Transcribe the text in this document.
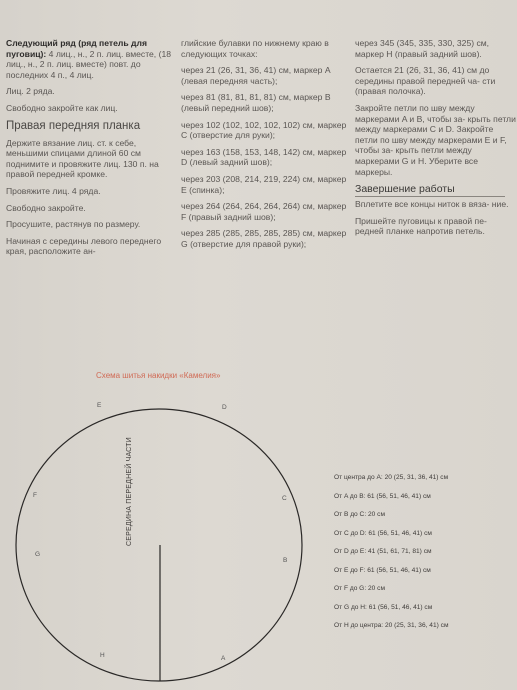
Следующий ряд (ряд петель для пуговиц): 4 лиц., н., 2 п. лиц. вместе, (18 лиц., н., 2 п. лиц. вместе) повт. до последних 4 п., 4 лиц.

Лиц. 2 ряда.

Свободно закройте как лиц.

Правая передняя планка

Держите вязание лиц. ст. к себе, меньшими спицами длиной 60 см поднимите и провяжите лиц. 130 п. на правой передней кромке.

Провяжите лиц. 4 ряда.

Свободно закройте.

Просушите, растянув по размеру.

Начиная с середины левого переднего края, расположите ан-

глийские булавки по нижнему краю в следующих точках:

через 21 (26, 31, 36, 41) см, маркер A (левая передняя часть);

через 81 (81, 81, 81, 81) см, маркер B (левый передний шов);

через 102 (102, 102, 102, 102) см, маркер C (отверстие для руки);

через 163 (158, 153, 148, 142) см, маркер D (левый задний шов);

через 203 (208, 214, 219, 224) см, маркер E (спинка);

через 264 (264, 264, 264, 264) см, маркер F (правый задний шов);

через 285 (285, 285, 285, 285) см, маркер G (отверстие для правой руки);

через 345 (345, 335, 330, 325) см, маркер H (правый задний шов).

Остается 21 (26, 31, 36, 41) см до середины правой передней ча- сти (правая полочка).

Закройте петли по шву между маркерами A и B, чтобы за- крыть петли между маркерами C и D. Закройте петли по шву между маркерами E и F, чтобы за- крыть петли между маркерами G и H. Уберите все маркеры.

Завершение работы

Вплетите все концы ниток в вяза- ние.

Пришейте пуговицы к правой пе- редней планке напротив петель.

Схема шитья накидки «Камелия»
D
E
F	C
G
B
H	A
СЕРЕДИНА ПЕРЕДНЕЙ ЧАСТИ	От центра до A: 20 (25, 31, 36, 41) см
От A до B: 61 (56, 51, 46, 41) см
От B до C: 20 см
От C до D: 61 (56, 51, 46, 41) см
От D до E: 41 (51, 61, 71, 81) см
От E до F: 61 (56, 51, 46, 41) см
От F до G: 20 см
От G до H: 61 (56, 51, 46, 41) см
От H до центра: 20 (25, 31, 36, 41) см
